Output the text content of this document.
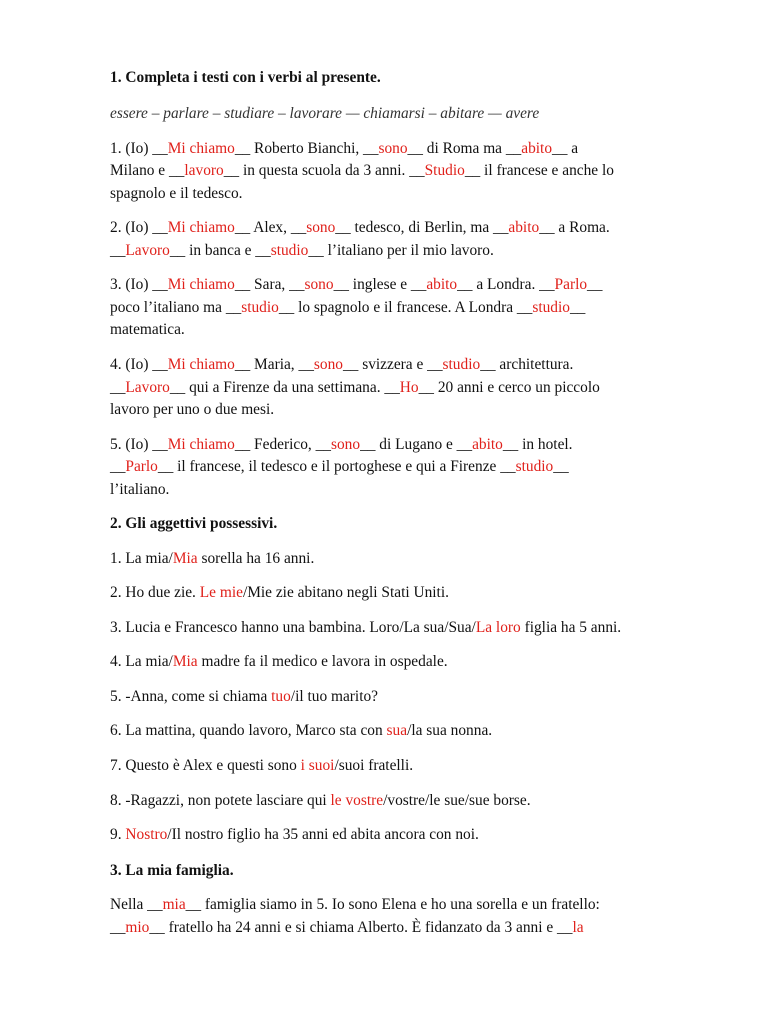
1. Completa i testi con i verbi al presente.
essere – parlare – studiare – lavorare — chiamarsi – abitare — avere
1. (Io) __Mi chiamo__ Roberto Bianchi, __sono__ di Roma ma __abito__ a
Milano e __lavoro__ in questa scuola da 3 anni. __Studio__ il francese e anche lo
spagnolo e il tedesco.
2. (Io) __Mi chiamo__ Alex, __sono__ tedesco, di Berlin, ma __abito__ a Roma.
__Lavoro__ in banca e __studio__ l’italiano per il mio lavoro.
3. (Io) __Mi chiamo__ Sara, __sono__ inglese e __abito__ a Londra. __Parlo__
poco l’italiano ma __studio__ lo spagnolo e il francese. A Londra __studio__
matematica.
4. (Io) __Mi chiamo__ Maria, __sono__ svizzera e __studio__ architettura.
__Lavoro__ qui a Firenze da una settimana. __Ho__ 20 anni e cerco un piccolo
lavoro per uno o due mesi.
5. (Io) __Mi chiamo__ Federico, __sono__ di Lugano e __abito__ in hotel.
__Parlo__ il francese, il tedesco e il portoghese e qui a Firenze __studio__
l’italiano.
2. Gli aggettivi possessivi.
1. La mia/Mia sorella ha 16 anni.
2. Ho due zie. Le mie/Mie zie abitano negli Stati Uniti.
3. Lucia e Francesco hanno una bambina. Loro/La sua/Sua/La loro figlia ha 5 anni.
4. La mia/Mia madre fa il medico e lavora in ospedale.
5. -Anna, come si chiama tuo/il tuo marito?
6. La mattina, quando lavoro, Marco sta con sua/la sua nonna.
7. Questo è Alex e questi sono i suoi/suoi fratelli.
8. -Ragazzi, non potete lasciare qui le vostre/vostre/le sue/sue borse.
9. Nostro/Il nostro figlio ha 35 anni ed abita ancora con noi.
3. La mia famiglia.
Nella __mia__ famiglia siamo in 5. Io sono Elena e ho una sorella e un fratello:
__mio__ fratello ha 24 anni e si chiama Alberto. È fidanzato da 3 anni e __la
